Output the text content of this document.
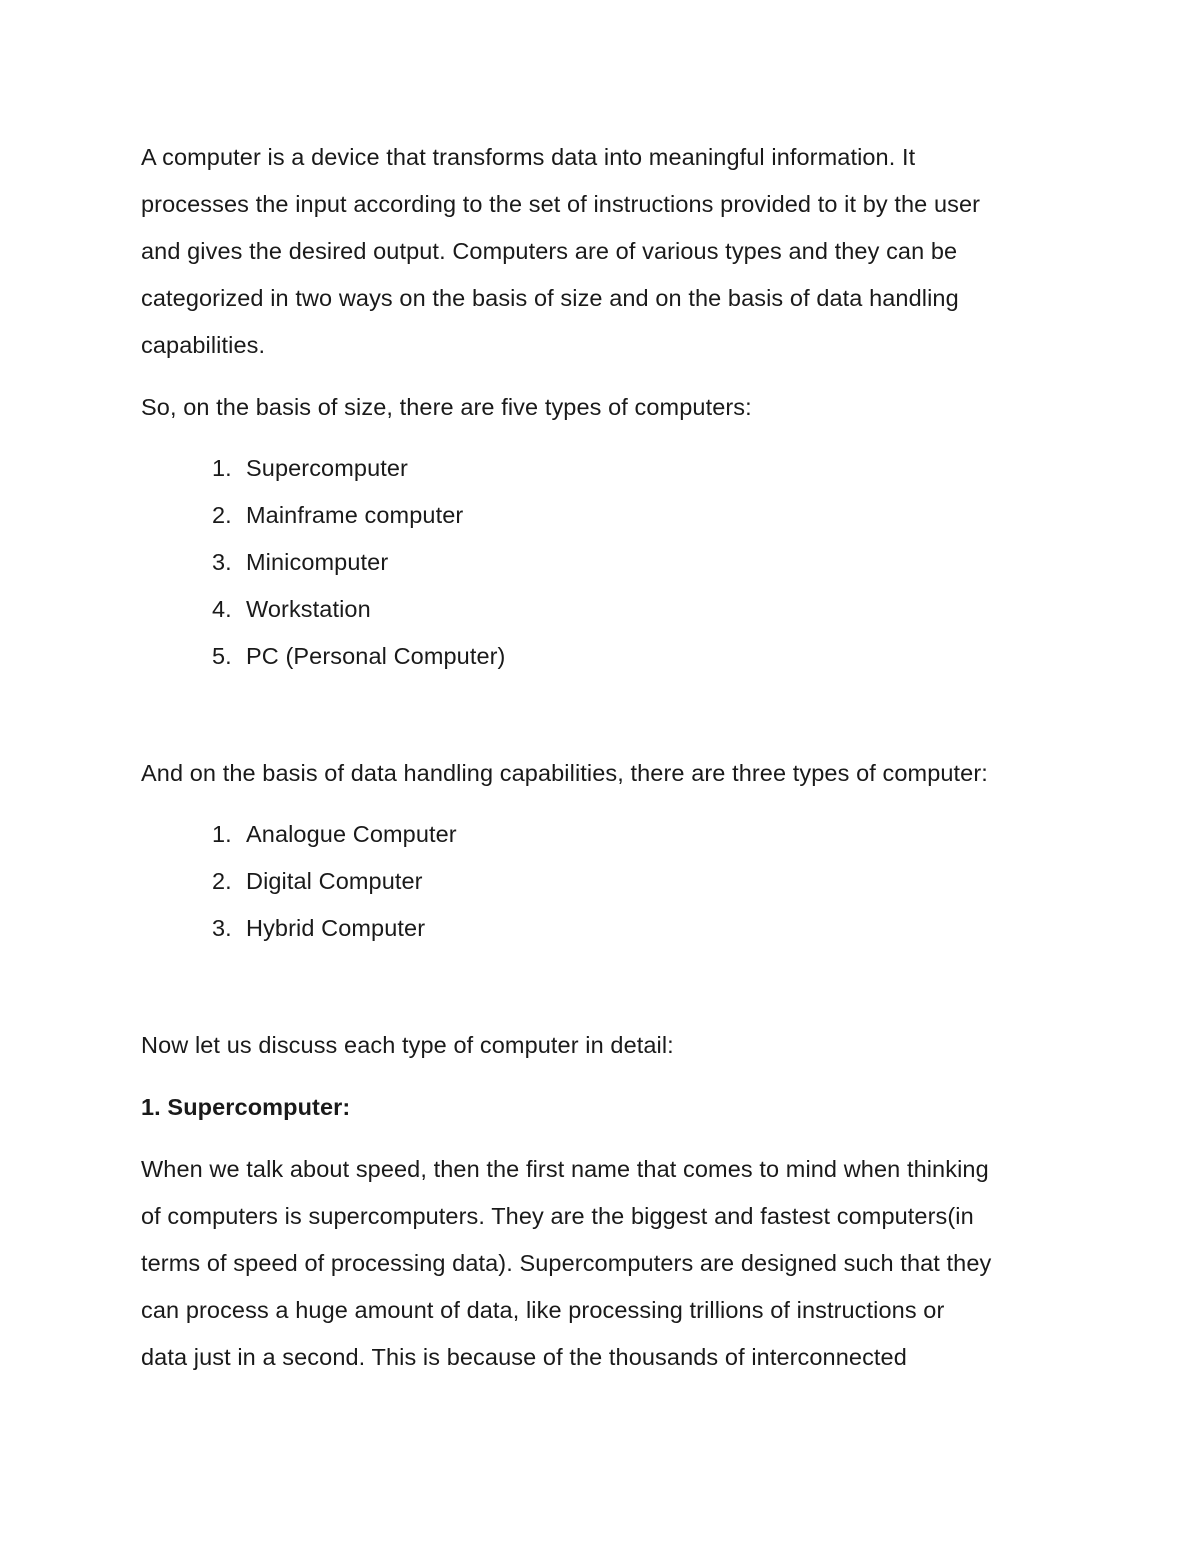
A computer is a device that transforms data into meaningful information. It
processes the input according to the set of instructions provided to it by the user
and gives the desired output. Computers are of various types and they can be
categorized in two ways on the basis of size and on the basis of data handling
capabilities.
So, on the basis of size, there are five types of computers:
1. Supercomputer
2. Mainframe computer
3. Minicomputer
4. Workstation
5. PC (Personal Computer)
And on the basis of data handling capabilities, there are three types of computer:
1. Analogue Computer
2. Digital Computer
3. Hybrid Computer
Now let us discuss each type of computer in detail:
1. Supercomputer:
When we talk about speed, then the first name that comes to mind when thinking
of computers is supercomputers. They are the biggest and fastest computers(in
terms of speed of processing data). Supercomputers are designed such that they
can process a huge amount of data, like processing trillions of instructions or
data just in a second. This is because of the thousands of interconnected
